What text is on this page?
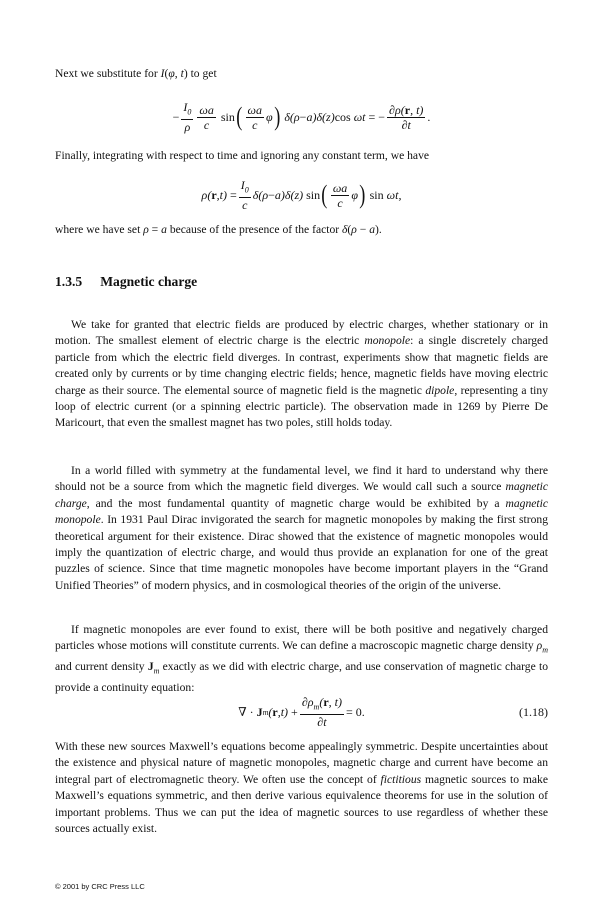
Next we substitute for I(φ, t) to get

− $\frac{I_0}{\rho} \frac{\omega a}{c}$
sin ( $\frac{\omega a}{c}$ φ )
δ ( ρ − a ) δ ( z ) cos
ωt
= − $\frac{\partial\rho(r, t)}{\partial t}$ .

Finally, integrating with respect to time and ignoring any constant term, we have

ρ ( r , t ) = $\frac{I_0}{c}$ δ ( ρ − a ) δ ( z ) sin ( $\frac{\omega a}{c}$ φ )
sin
ωt ,

where we have set ρ = a because of the presence of the factor δ(ρ − a).

1.3.5 Magnetic charge

We take for granted that electric fields are produced by electric charges, whether stationary or in motion. The smallest element of electric charge is the electric monopole: a single discretely charged particle from which the electric field diverges. In contrast, experiments show that magnetic fields are created only by currents or by time changing electric fields; hence, magnetic fields have moving electric charge as their source. The elemental source of magnetic field is the magnetic dipole, representing a tiny loop of electric current (or a spinning electric particle). The observation made in 1269 by Pierre De Maricourt, that even the smallest magnet has two poles, still holds today.

In a world filled with symmetry at the fundamental level, we find it hard to understand why there should not be a source from which the magnetic field diverges. We would call such a source magnetic charge, and the most fundamental quantity of magnetic charge would be exhibited by a magnetic monopole. In 1931 Paul Dirac invigorated the search for magnetic monopoles by making the first strong theoretical argument for their existence. Dirac showed that the existence of magnetic monopoles would imply the quantization of electric charge, and would thus provide an explanation for one of the great puzzles of science. Since that time magnetic monopoles have become important players in the “Grand Unified Theories” of modern physics, and in cosmological theories of the origin of the universe.

If magnetic monopoles are ever found to exist, there will be both positive and negatively charged particles whose motions will constitute currents. We can define a macroscopic magnetic charge density $\rho_m$ and current density $J_m$ exactly as we did with electric charge, and use conservation of magnetic charge to provide a continuity equation:

∇ ·
J m ( r , t ) + $\frac{\partial\rho_m(r, t)}{\partial t} = 0$.	(1.18)

With these new sources Maxwell’s equations become appealingly symmetric. Despite uncertainties about the existence and physical nature of magnetic monopoles, magnetic charge and current have become an integral part of electromagnetic theory. We often use the concept of fictitious magnetic sources to make Maxwell’s equations symmetric, and then derive various equivalence theorems for use in the solution of important problems. Thus we can put the idea of magnetic sources to use regardless of whether these sources actually exist.

© 2001 by CRC Press LLC
